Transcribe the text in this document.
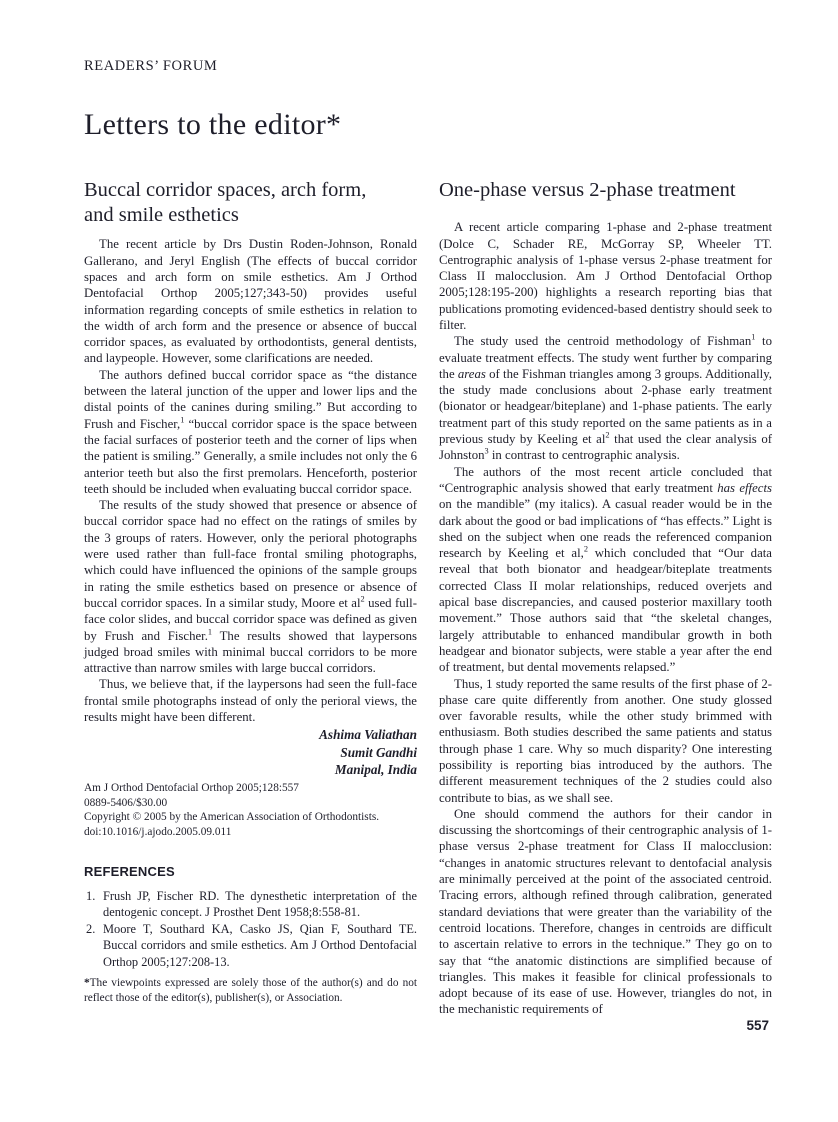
READERS’ FORUM
Letters to the editor*
Buccal corridor spaces, arch form,
and smile esthetics

The recent article by Drs Dustin Roden-Johnson, Ronald Gallerano, and Jeryl English (The effects of buccal corridor spaces and arch form on smile esthetics. Am J Orthod Dentofacial Orthop 2005;127;343-50) provides useful information regarding concepts of smile esthetics in relation to the width of arch form and the presence or absence of buccal corridor spaces, as evaluated by orthodontists, general dentists, and laypeople. However, some clarifications are needed.

The authors defined buccal corridor space as “the distance between the lateral junction of the upper and lower lips and the distal points of the canines during smiling.” But according to Frush and Fischer,$^1$ “buccal corridor space is the space between the facial surfaces of posterior teeth and the corner of lips when the patient is smiling.” Generally, a smile includes not only the 6 anterior teeth but also the first premolars. Henceforth, posterior teeth should be included when evaluating buccal corridor space.

The results of the study showed that presence or absence of buccal corridor space had no effect on the ratings of smiles by the 3 groups of raters. However, only the perioral photographs were used rather than full-face frontal smiling photographs, which could have influenced the opinions of the sample groups in rating the smile esthetics based on presence or absence of buccal corridor spaces. In a similar study, Moore et $al^2$ used full-face color slides, and buccal corridor space was defined as given by Frush and Fischer.$^1$ The results showed that laypersons judged broad smiles with minimal buccal corridors to be more attractive than narrow smiles with large buccal corridors.

Thus, we believe that, if the laypersons had seen the full-face frontal smile photographs instead of only the perioral views, the results might have been different.

Ashima Valiathan
Sumit Gandhi
Manipal, India
Am J Orthod Dentofacial Orthop 2005;128:557
0889-5406/$30.00
Copyright © 2005 by the American Association of Orthodontists.
doi:10.1016/j.ajodo.2005.09.011
REFERENCES
1. Frush JP, Fischer RD. The dynesthetic interpretation of the dentogenic concept. J Prosthet Dent 1958;8:558-81.
2. Moore T, Southard KA, Casko JS, Qian F, Southard TE. Buccal corridors and smile esthetics. Am J Orthod Dentofacial Orthop 2005;127:208-13.
*The viewpoints expressed are solely those of the author(s) and do not reflect those of the editor(s), publisher(s), or Association.
One-phase versus 2-phase treatment

A recent article comparing 1-phase and 2-phase treatment (Dolce C, Schader RE, McGorray SP, Wheeler TT. Centrographic analysis of 1-phase versus 2-phase treatment for Class II malocclusion. Am J Orthod Dentofacial Orthop 2005;128:195-200) highlights a research reporting bias that publications promoting evidenced-based dentistry should seek to filter.

The study used the centroid methodology of Fishman$^1$ to evaluate treatment effects. The study went further by comparing the areas of the Fishman triangles among 3 groups. Additionally, the study made conclusions about 2-phase early treatment (bionator or headgear/biteplane) and 1-phase patients. The early treatment part of this study reported on the same patients as in a previous study by Keeling et $al^2$ that used the clear analysis of Johnston$^3$ in contrast to centrographic analysis.

The authors of the most recent article concluded that “Centrographic analysis showed that early treatment has effects on the mandible” (my italics). A casual reader would be in the dark about the good or bad implications of “has effects.” Light is shed on the subject when one reads the referenced companion research by Keeling et al,$^2$ which concluded that “Our data reveal that both bionator and headgear/biteplate treatments corrected Class II molar relationships, reduced overjets and apical base discrepancies, and caused posterior maxillary tooth movement.” Those authors said that “the skeletal changes, largely attributable to enhanced mandibular growth in both headgear and bionator subjects, were stable a year after the end of treatment, but dental movements relapsed.”

Thus, 1 study reported the same results of the first phase of 2-phase care quite differently from another. One study glossed over favorable results, while the other study brimmed with enthusiasm. Both studies described the same patients and status through phase 1 care. Why so much disparity? One interesting possibility is reporting bias introduced by the authors. The different measurement techniques of the 2 studies could also contribute to bias, as we shall see.

One should commend the authors for their candor in discussing the shortcomings of their centrographic analysis of 1-phase versus 2-phase treatment for Class II malocclusion: “changes in anatomic structures relevant to dentofacial analysis are minimally perceived at the point of the associated centroid. Tracing errors, although refined through calibration, generated standard deviations that were greater than the variability of the centroid locations. Therefore, changes in centroids are difficult to ascertain relative to errors in the technique.” They go on to say that “the anatomic distinctions are simplified because of triangles. This makes it feasible for clinical professionals to adopt because of its ease of use. However, triangles do not, in the mechanistic requirements of

557
